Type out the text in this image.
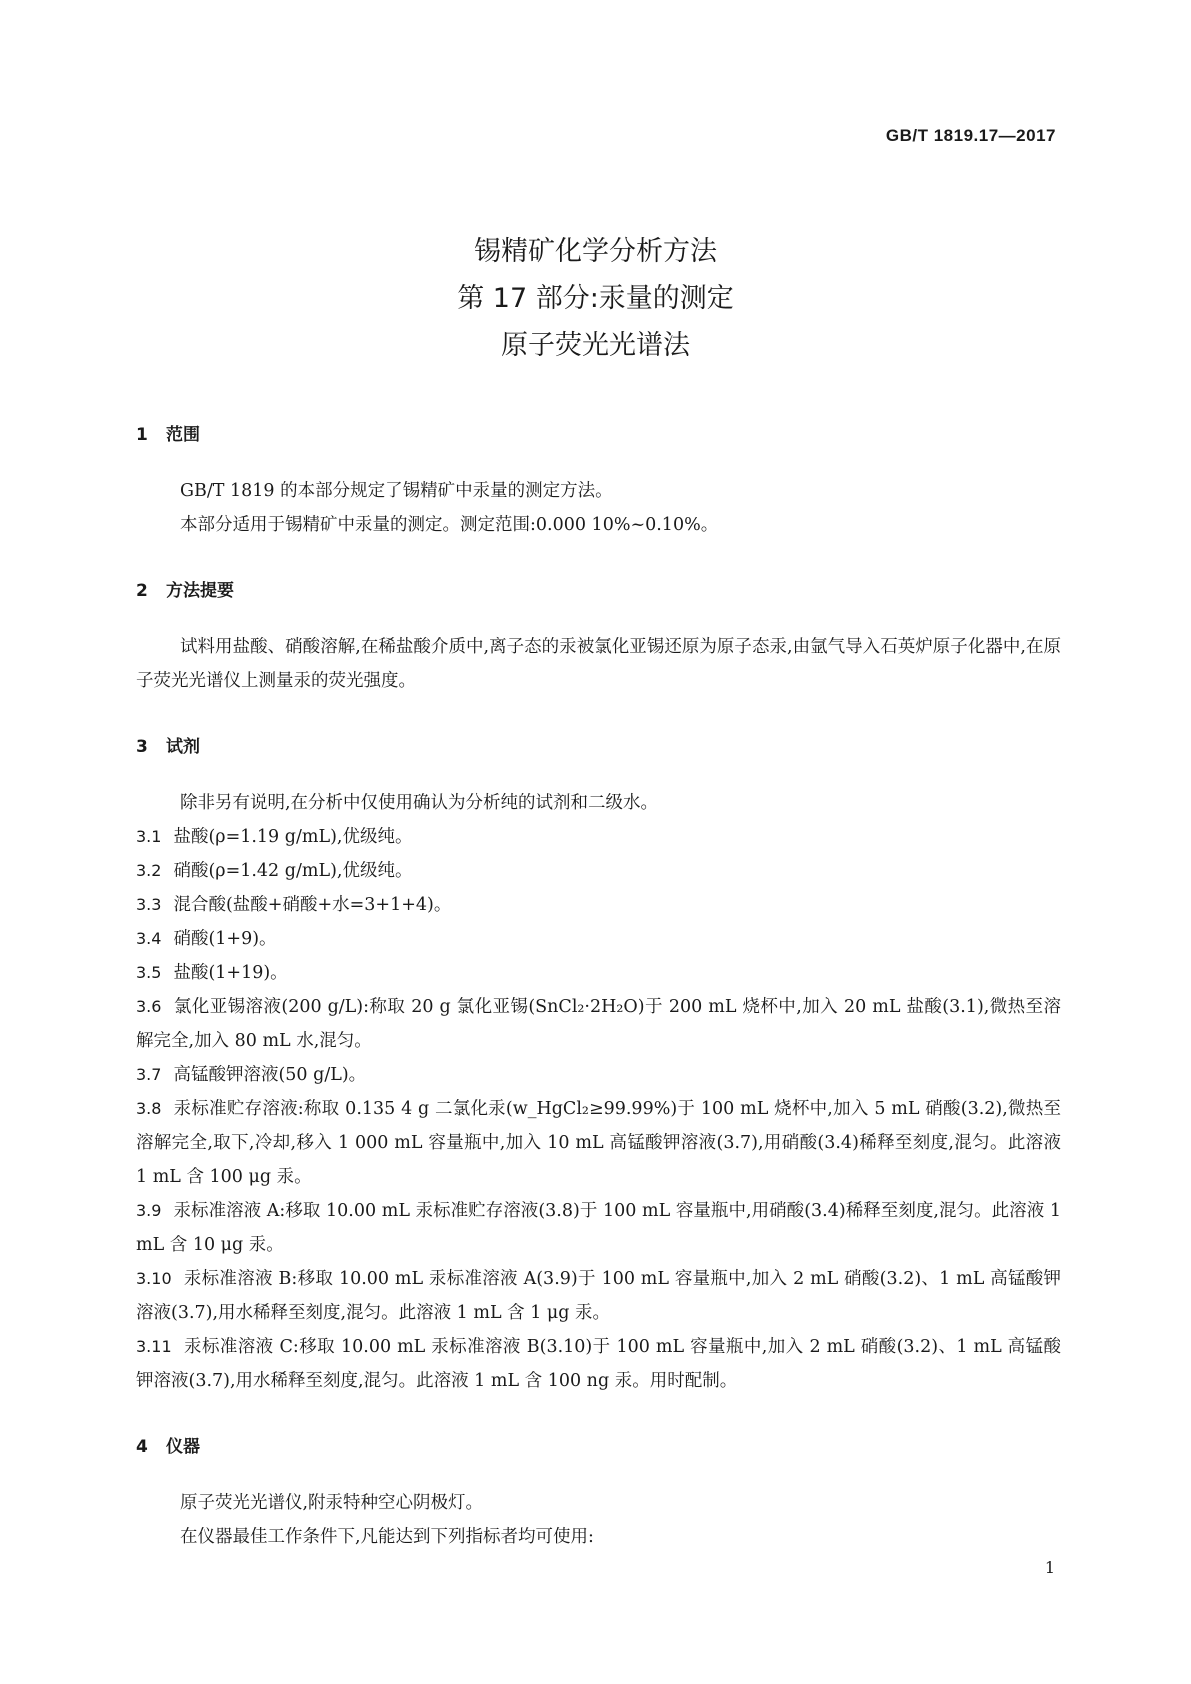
GB/T 1819.17—2017
锡精矿化学分析方法
第 17 部分:汞量的测定
原子荧光光谱法
1 范围
GB/T 1819 的本部分规定了锡精矿中汞量的测定方法。
本部分适用于锡精矿中汞量的测定。测定范围:0.000 10%~0.10%。
2 方法提要
试料用盐酸、硝酸溶解,在稀盐酸介质中,离子态的汞被氯化亚锡还原为原子态汞,由氩气导入石英炉原子化器中,在原子荧光光谱仪上测量汞的荧光强度。
3 试剂
除非另有说明,在分析中仅使用确认为分析纯的试剂和二级水。
3.1 盐酸(ρ=1.19 g/mL),优级纯。
3.2 硝酸(ρ=1.42 g/mL),优级纯。
3.3 混合酸(盐酸+硝酸+水=3+1+4)。
3.4 硝酸(1+9)。
3.5 盐酸(1+19)。
3.6 氯化亚锡溶液(200 g/L):称取 20 g 氯化亚锡(SnCl₂·2H₂O)于 200 mL 烧杯中,加入 20 mL 盐酸(3.1),微热至溶解完全,加入 80 mL 水,混匀。
3.7 高锰酸钾溶液(50 g/L)。
3.8 汞标准贮存溶液:称取 0.135 4 g 二氯化汞(w_HgCl₂≥99.99%)于 100 mL 烧杯中,加入 5 mL 硝酸(3.2),微热至溶解完全,取下,冷却,移入 1 000 mL 容量瓶中,加入 10 mL 高锰酸钾溶液(3.7),用硝酸(3.4)稀释至刻度,混匀。此溶液 1 mL 含 100 μg 汞。
3.9 汞标准溶液 A:移取 10.00 mL 汞标准贮存溶液(3.8)于 100 mL 容量瓶中,用硝酸(3.4)稀释至刻度,混匀。此溶液 1 mL 含 10 μg 汞。
3.10 汞标准溶液 B:移取 10.00 mL 汞标准溶液 A(3.9)于 100 mL 容量瓶中,加入 2 mL 硝酸(3.2)、1 mL 高锰酸钾溶液(3.7),用水稀释至刻度,混匀。此溶液 1 mL 含 1 μg 汞。
3.11 汞标准溶液 C:移取 10.00 mL 汞标准溶液 B(3.10)于 100 mL 容量瓶中,加入 2 mL 硝酸(3.2)、1 mL 高锰酸钾溶液(3.7),用水稀释至刻度,混匀。此溶液 1 mL 含 100 ng 汞。用时配制。
4 仪器
原子荧光光谱仪,附汞特种空心阴极灯。
在仪器最佳工作条件下,凡能达到下列指标者均可使用:
1
